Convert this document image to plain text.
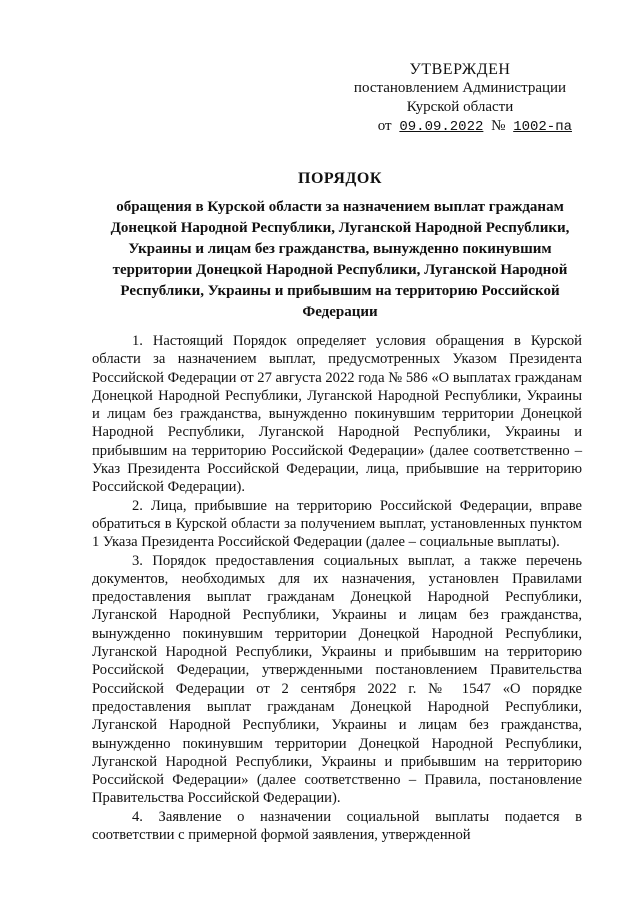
УТВЕРЖДЕН
постановлением Администрации
Курской области
от 09.09.2022 № 1002-па
ПОРЯДОК
обращения в Курской области за назначением выплат гражданам Донецкой Народной Республики, Луганской Народной Республики, Украины и лицам без гражданства, вынужденно покинувшим территории Донецкой Народной Республики, Луганской Народной Республики, Украины и прибывшим на территорию Российской Федерации

1. Настоящий Порядок определяет условия обращения в Курской области за назначением выплат, предусмотренных Указом Президента Российской Федерации от 27 августа 2022 года № 586 «О выплатах гражданам Донецкой Народной Республики, Луганской Народной Республики, Украины и лицам без гражданства, вынужденно покинувшим территории Донецкой Народной Республики, Луганской Народной Республики, Украины и прибывшим на территорию Российской Федерации» (далее соответственно – Указ Президента Российской Федерации, лица, прибывшие на территорию Российской Федерации).

2. Лица, прибывшие на территорию Российской Федерации, вправе обратиться в Курской области за получением выплат, установленных пунктом 1 Указа Президента Российской Федерации (далее – социальные выплаты).

3. Порядок предоставления социальных выплат, а также перечень документов, необходимых для их назначения, установлен Правилами предоставления выплат гражданам Донецкой Народной Республики, Луганской Народной Республики, Украины и лицам без гражданства, вынужденно покинувшим территории Донецкой Народной Республики, Луганской Народной Республики, Украины и прибывшим на территорию Российской Федерации, утвержденными постановлением Правительства Российской Федерации от 2 сентября 2022 г. № 1547 «О порядке предоставления выплат гражданам Донецкой Народной Республики, Луганской Народной Республики, Украины и лицам без гражданства, вынужденно покинувшим территории Донецкой Народной Республики, Луганской Народной Республики, Украины и прибывшим на территорию Российской Федерации» (далее соответственно – Правила, постановление Правительства Российской Федерации).

4. Заявление о назначении социальной выплаты подается в соответствии с примерной формой заявления, утвержденной
